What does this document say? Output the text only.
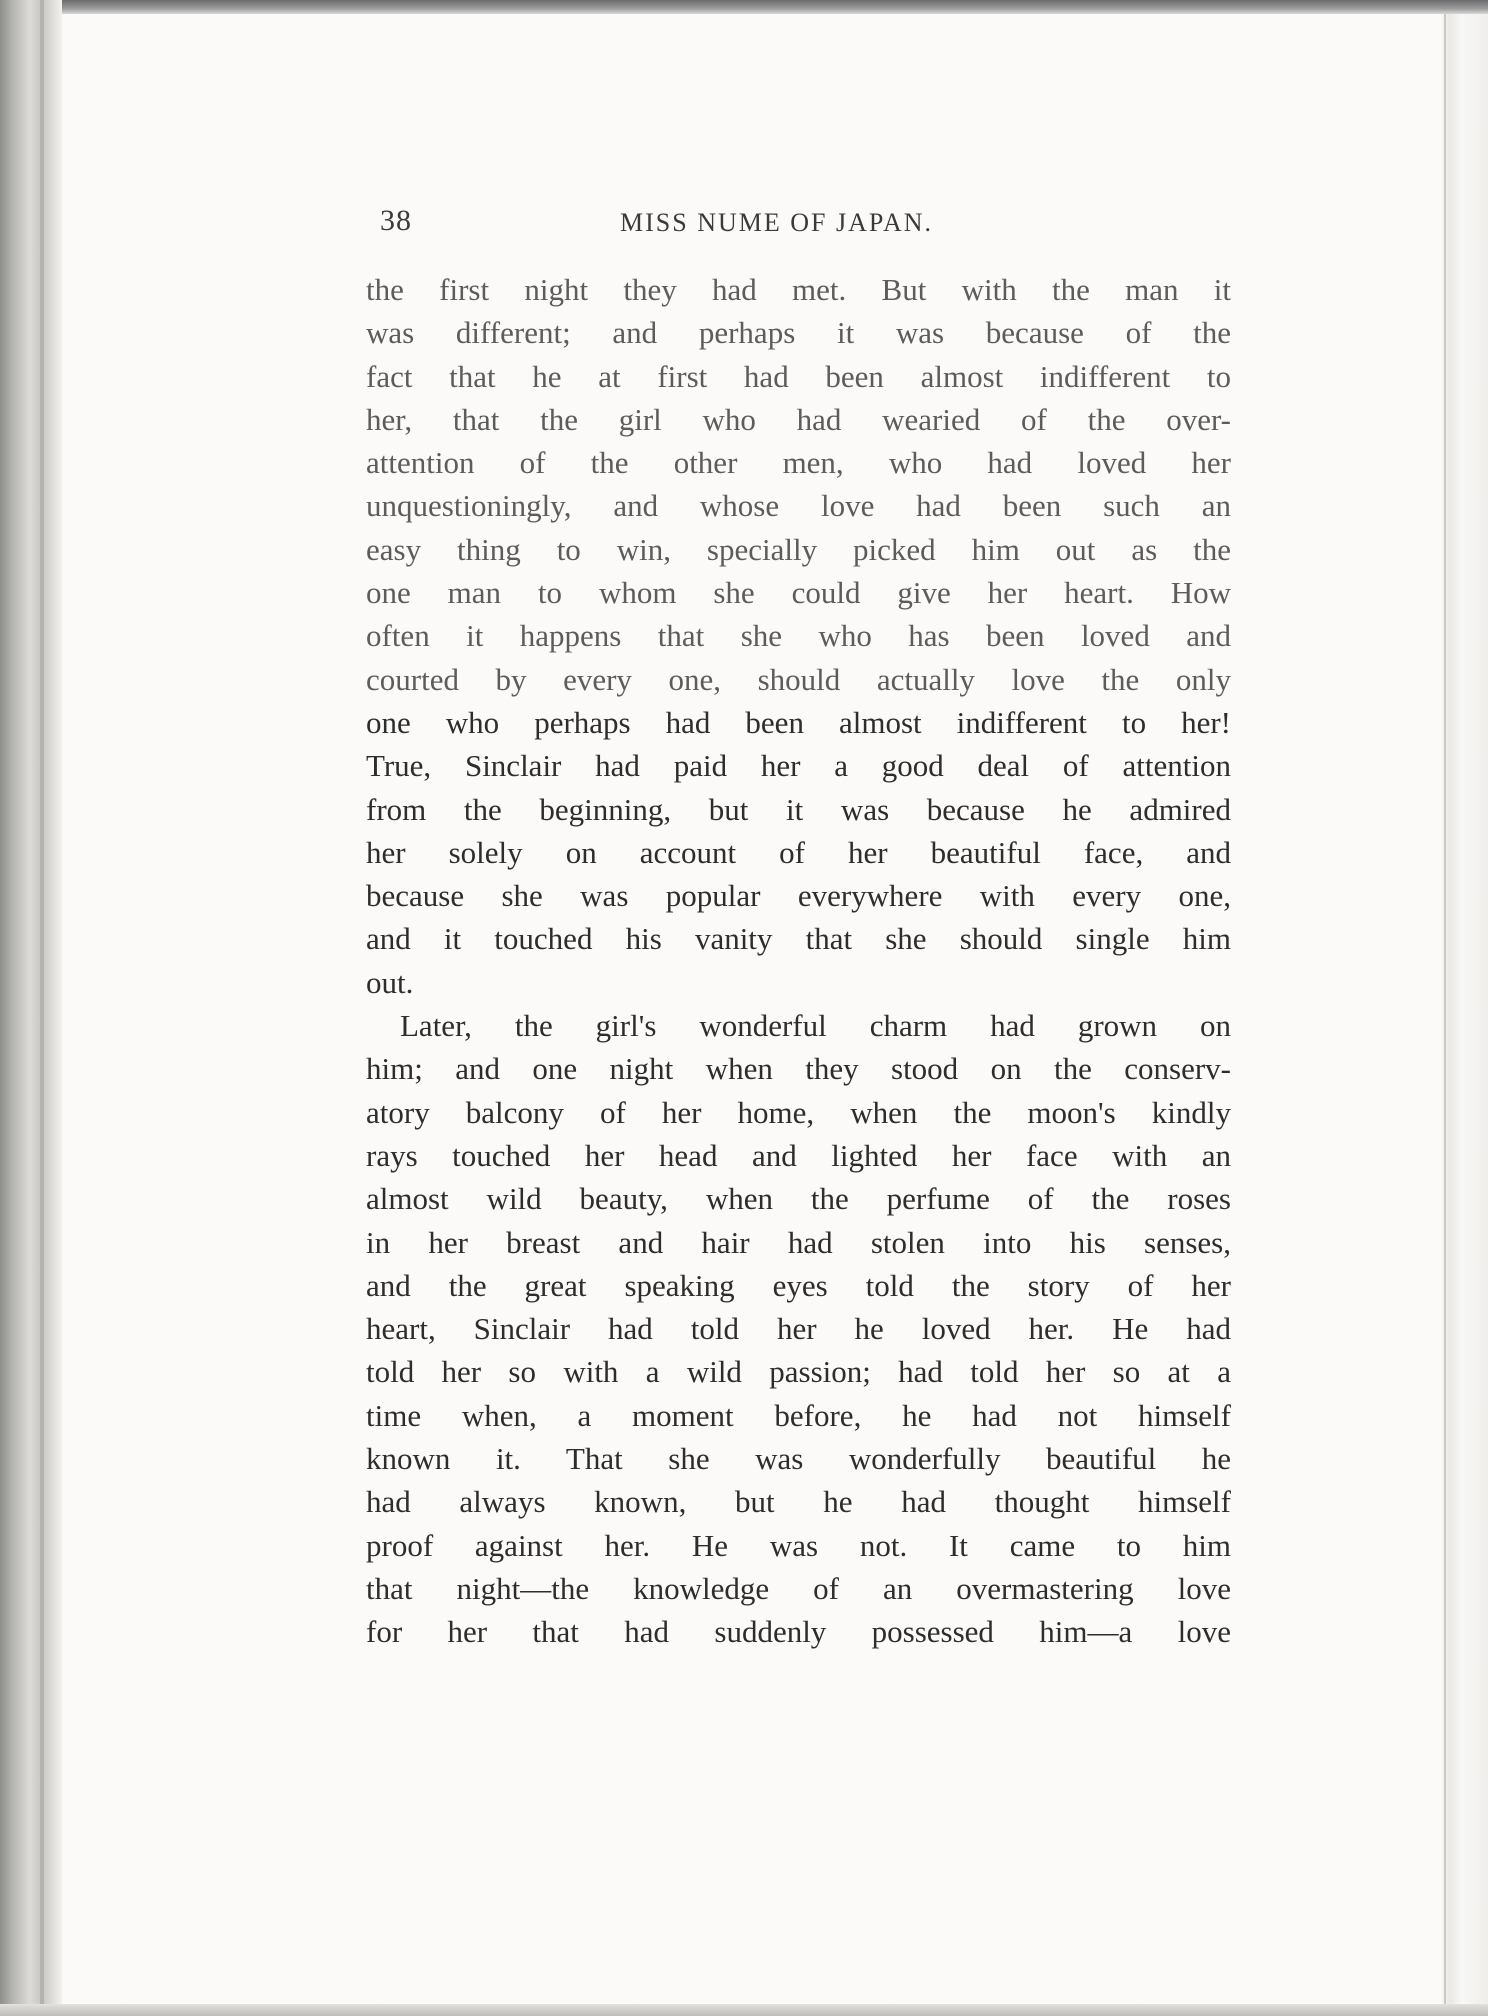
38	MISS NUME OF JAPAN.
the first night they had met. But with the man it
was different; and perhaps it was because of the
fact that he at first had been almost indifferent to
her, that the girl who had wearied of the over-
attention of the other men, who had loved her
unquestioningly, and whose love had been such an
easy thing to win, specially picked him out as the
one man to whom she could give her heart. How
often it happens that she who has been loved and
courted by every one, should actually love the only
one who perhaps had been almost indifferent to her!
True, Sinclair had paid her a good deal of attention
from the beginning, but it was because he admired
her solely on account of her beautiful face, and
because she was popular everywhere with every one,
and it touched his vanity that she should single him
out.
Later, the girl's wonderful charm had grown on
him; and one night when they stood on the conserv-
atory balcony of her home, when the moon's kindly
rays touched her head and lighted her face with an
almost wild beauty, when the perfume of the roses
in her breast and hair had stolen into his senses,
and the great speaking eyes told the story of her
heart, Sinclair had told her he loved her. He had
told her so with a wild passion; had told her so at a
time when, a moment before, he had not himself
known it. That she was wonderfully beautiful he
had always known, but he had thought himself
proof against her. He was not. It came to him
that night—the knowledge of an overmastering love
for her that had suddenly possessed him—a love
